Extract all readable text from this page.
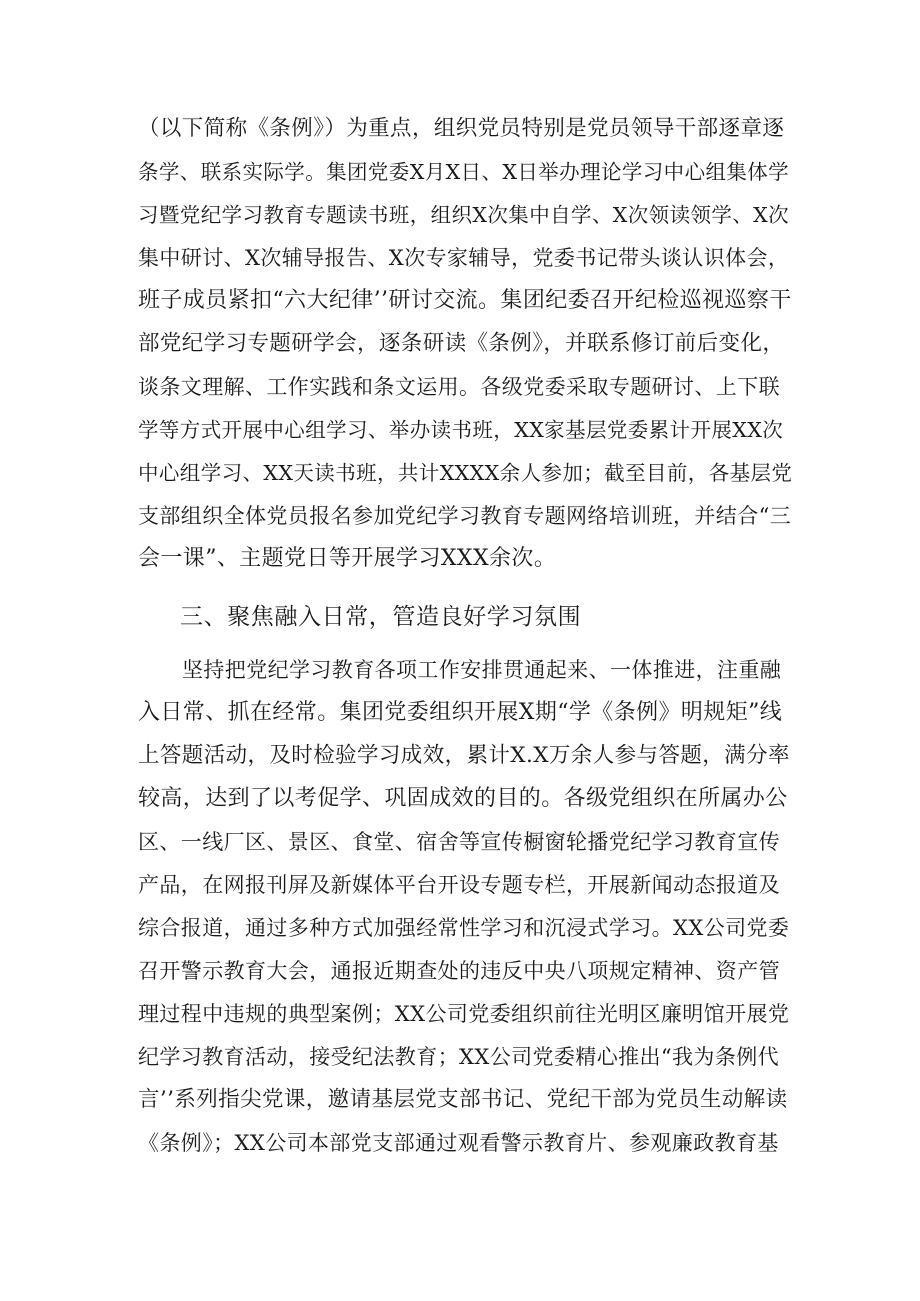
（以下简称《条例》）为重点，组织党员特别是党员领导干部逐章逐
条学、联系实际学。集团党委X月X日、X日举办理论学习中心组集体学
习暨党纪学习教育专题读书班，组织X次集中自学、X次领读领学、X次
集中研讨、X次辅导报告、X次专家辅导，党委书记带头谈认识体会，
班子成员紧扣“六大纪律’’研讨交流。集团纪委召开纪检巡视巡察干
部党纪学习专题研学会，逐条研读《条例》，并联系修订前后变化，
谈条文理解、工作实践和条文运用。各级党委采取专题研讨、上下联
学等方式开展中心组学习、举办读书班，XX家基层党委累计开展XX次
中心组学习、XX天读书班，共计XXXX余人参加；截至目前，各基层党
支部组织全体党员报名参加党纪学习教育专题网络培训班，并结合“三
会一课”、主题党日等开展学习XXX余次。
三、聚焦融入日常，管造良好学习氛围
坚持把党纪学习教育各项工作安排贯通起来、一体推进，注重融
入日常、抓在经常。集团党委组织开展X期“学《条例》明规矩”线
上答题活动，及时检验学习成效，累计X.X万余人参与答题，满分率
较高，达到了以考促学、巩固成效的目的。各级党组织在所属办公
区、一线厂区、景区、食堂、宿舍等宣传橱窗轮播党纪学习教育宣传
产品，在网报刊屏及新媒体平台开设专题专栏，开展新闻动态报道及
综合报道，通过多种方式加强经常性学习和沉浸式学习。XX公司党委
召开警示教育大会，通报近期查处的违反中央八项规定精神、资产管
理过程中违规的典型案例；XX公司党委组织前往光明区廉明馆开展党
纪学习教育活动，接受纪法教育；XX公司党委精心推出“我为条例代
言’’系列指尖党课，邀请基层党支部书记、党纪干部为党员生动解读
《条例》；XX公司本部党支部通过观看警示教育片、参观廉政教育基
